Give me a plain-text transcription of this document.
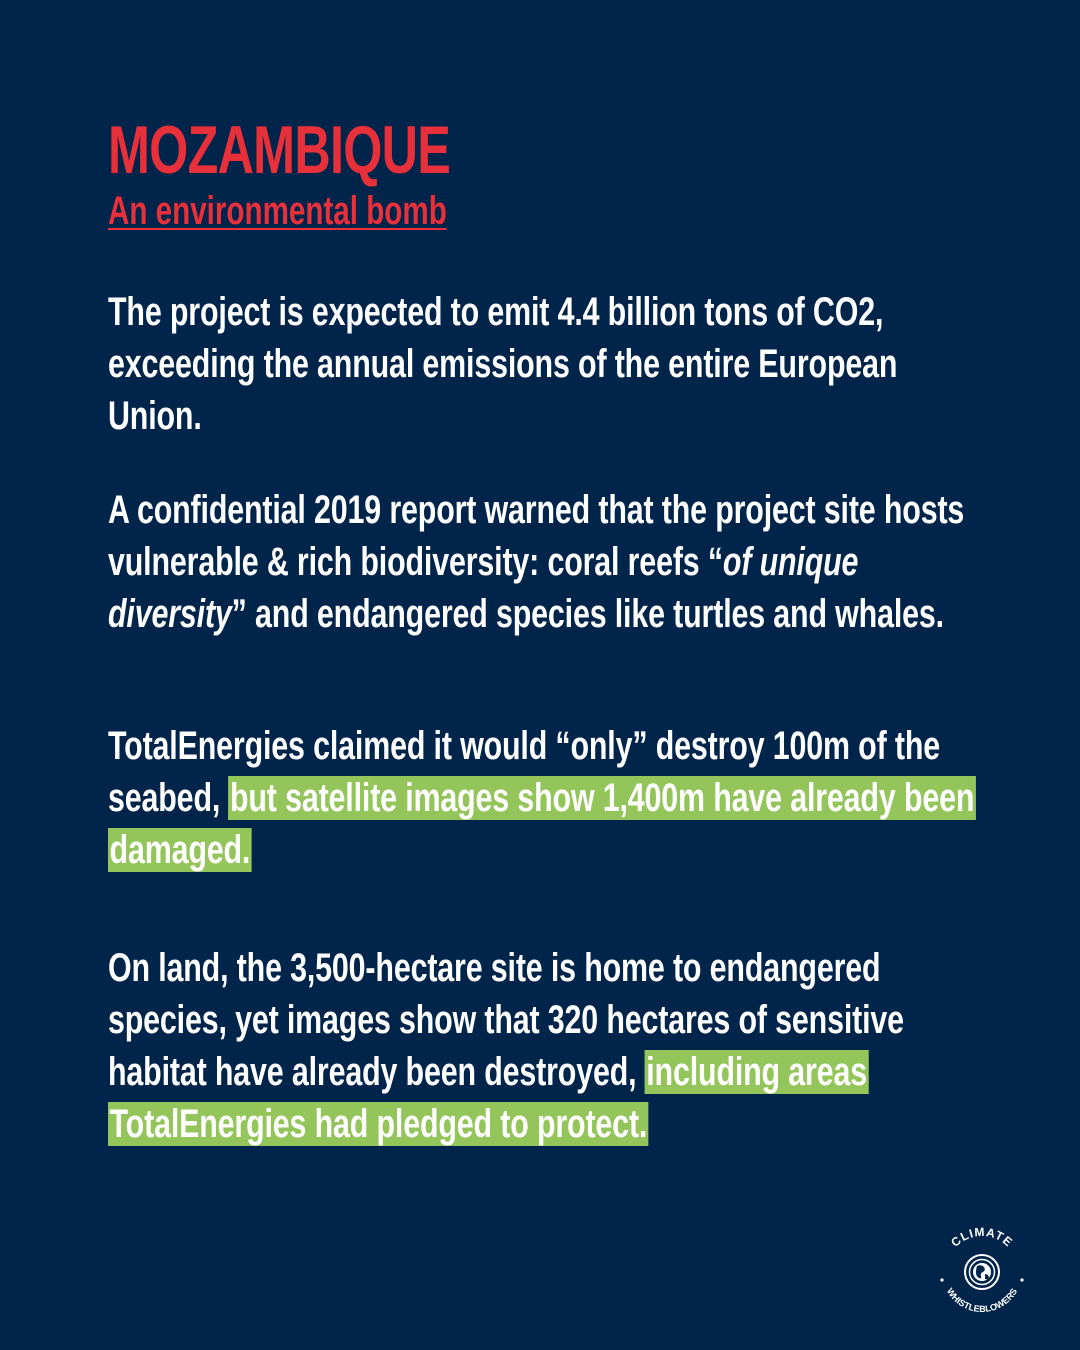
MOZAMBIQUE
An environmental bomb

The project is expected to emit 4.4 billion tons of CO2, exceeding the annual emissions of the entire European Union.

A confidential 2019 report warned that the project site hosts vulnerable & rich biodiversity: coral reefs “of unique diversity” and endangered species like turtles and whales.

TotalEnergies claimed it would “only” destroy 100m of the seabed, but satellite images show 1,400m have already been damaged.

On land, the 3,500-hectare site is home to endangered species, yet images show that 320 hectares of sensitive habitat have already been destroyed, including areas TotalEnergies had pledged to protect.

CLIMATE
WHISTLEBLOWERS
